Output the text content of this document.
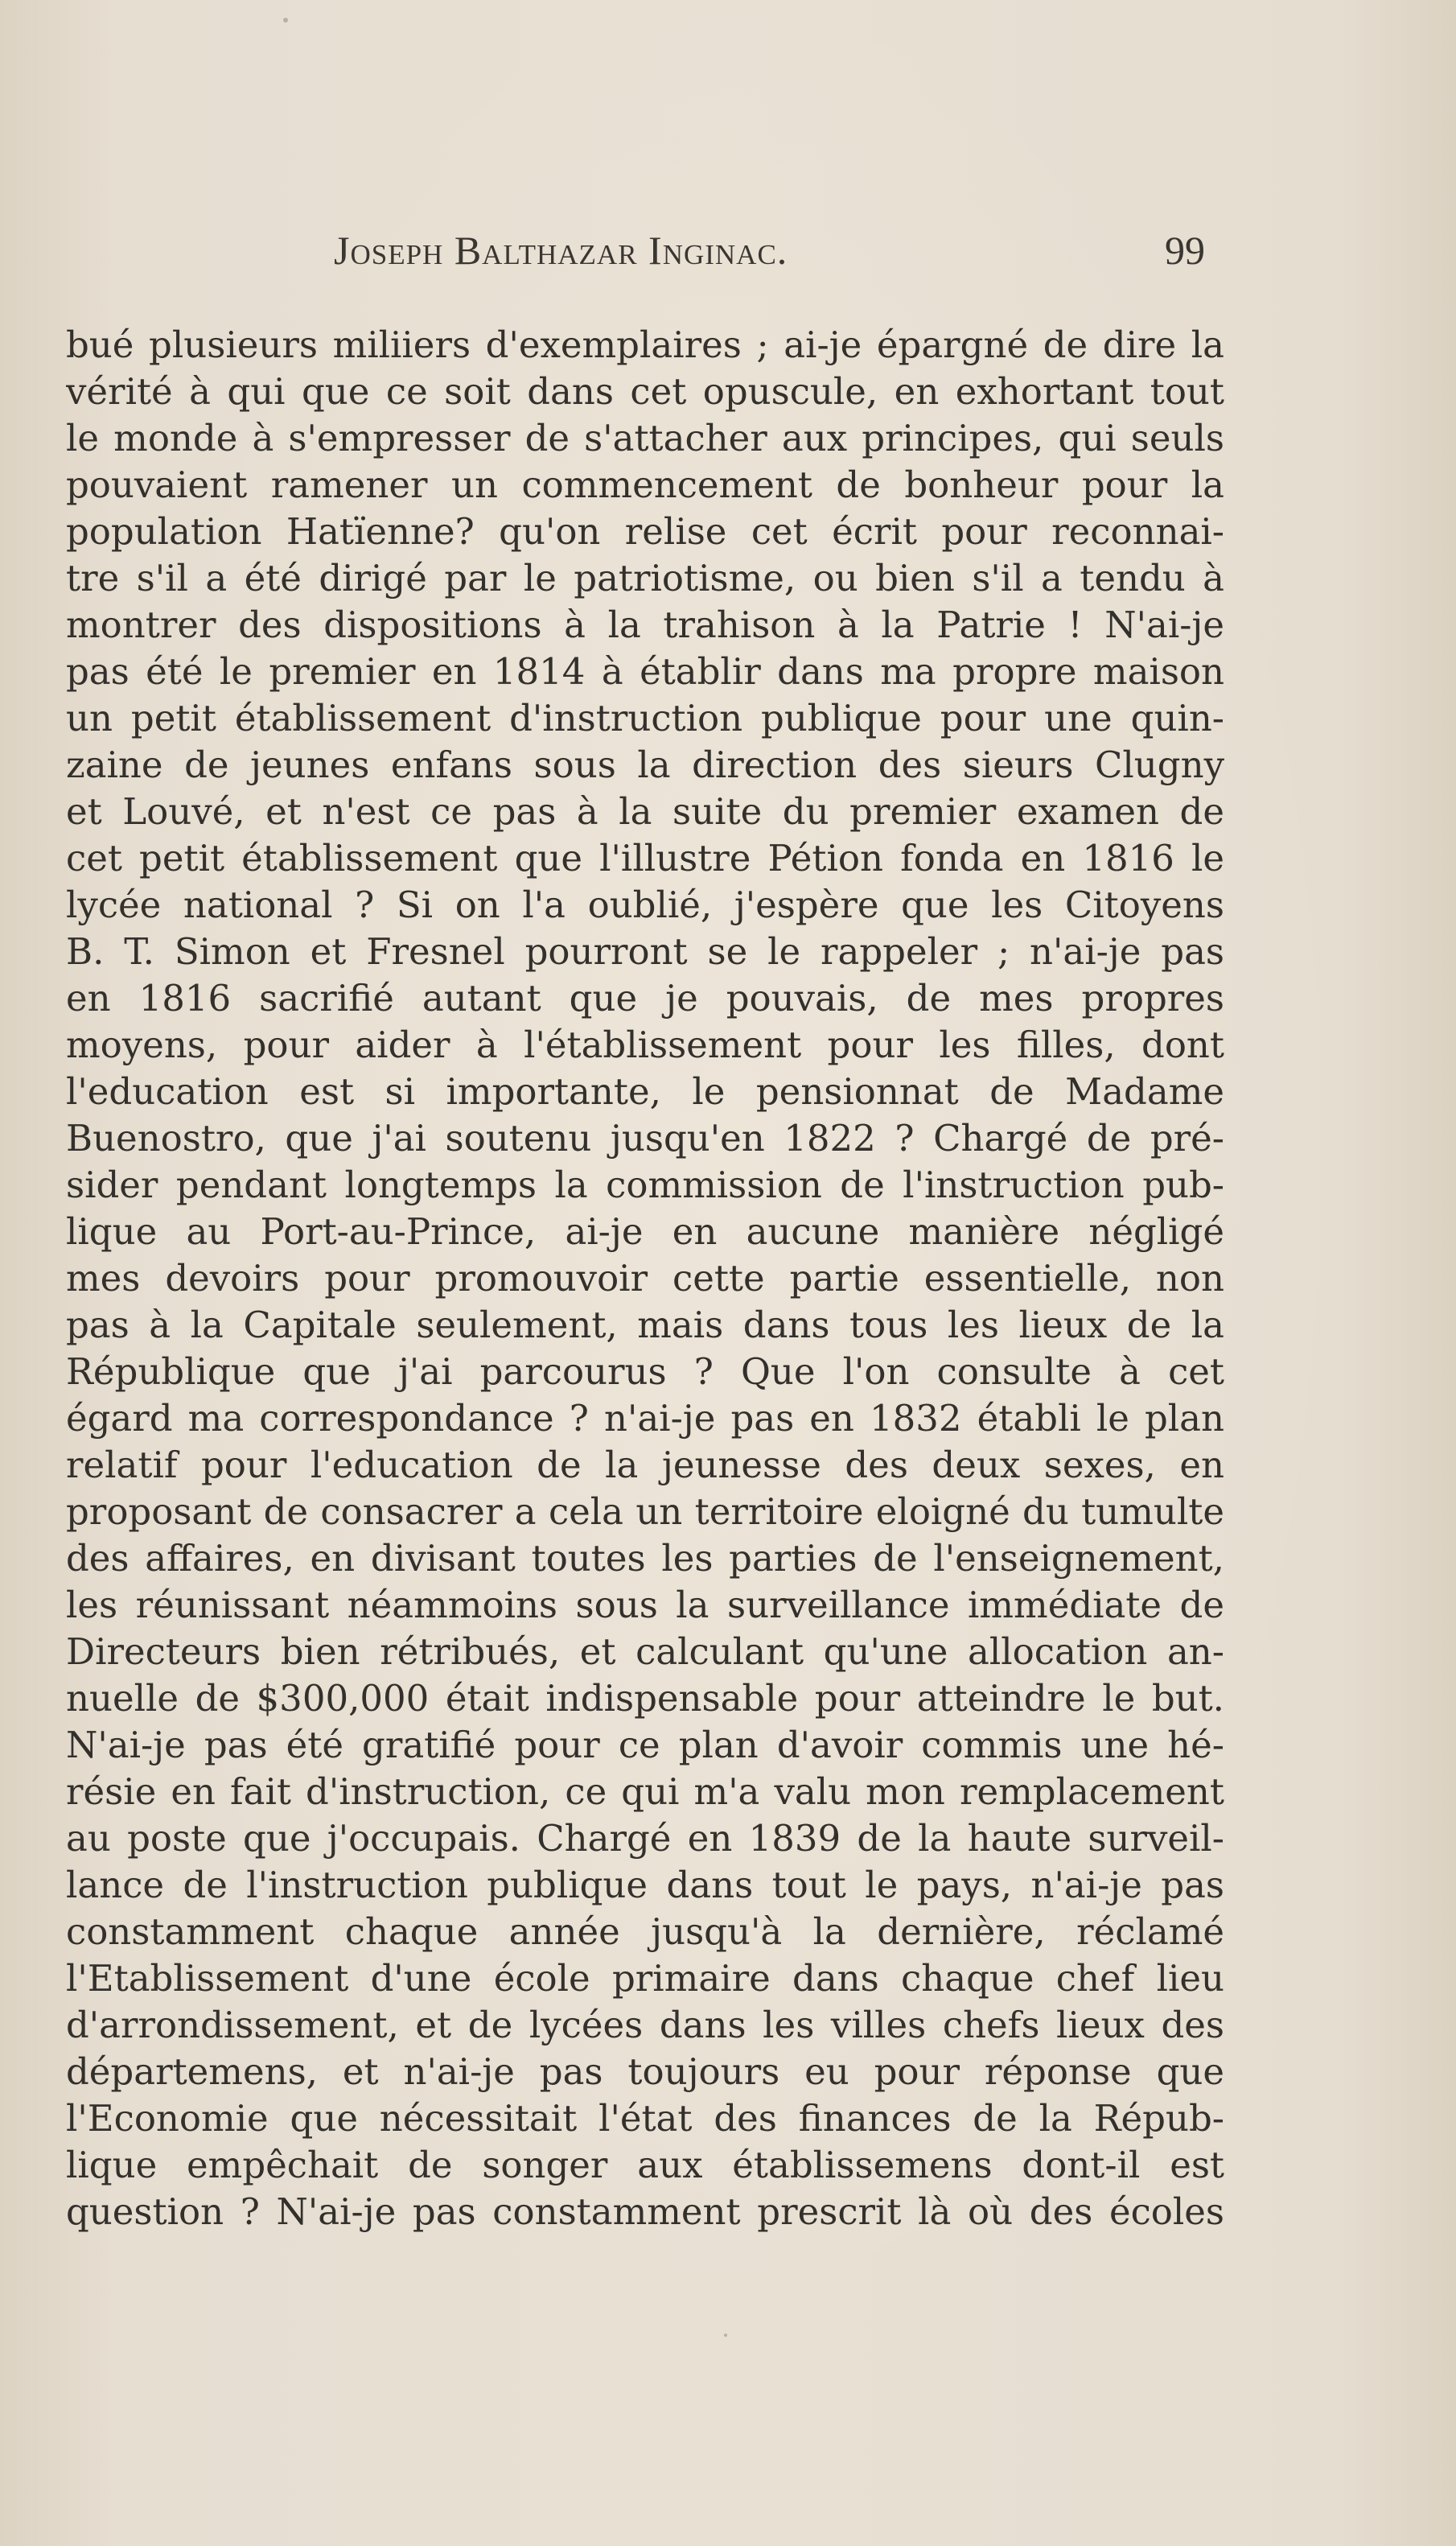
Joseph Balthazar Inginac.	99
bué plusieurs miliiers d'exemplaires ; ai-je épargné de dire la
vérité à qui que ce soit dans cet opuscule, en exhortant tout
le monde à s'empresser de s'attacher aux principes, qui seuls
pouvaient ramener un commencement de bonheur pour la
population Hatïenne? qu'on relise cet écrit pour reconnai-
tre s'il a été dirigé par le patriotisme, ou bien s'il a tendu à
montrer des dispositions à la trahison à la Patrie ! N'ai-je
pas été le premier en 1814 à établir dans ma propre maison
un petit établissement d'instruction publique pour une quin-
zaine de jeunes enfans sous la direction des sieurs Clugny
et Louvé, et n'est ce pas à la suite du premier examen de
cet petit établissement que l'illustre Pétion fonda en 1816 le
lycée national ? Si on l'a oublié, j'espère que les Citoyens
B. T. Simon et Fresnel pourront se le rappeler ; n'ai-je pas
en 1816 sacrifié autant que je pouvais, de mes propres
moyens, pour aider à l'établissement pour les filles, dont
l'education est si importante, le pensionnat de Madame
Buenostro, que j'ai soutenu jusqu'en 1822 ? Chargé de pré-
sider pendant longtemps la commission de l'instruction pub-
lique au Port-au-Prince, ai-je en aucune manière négligé
mes devoirs pour promouvoir cette partie essentielle, non
pas à la Capitale seulement, mais dans tous les lieux de la
République que j'ai parcourus ? Que l'on consulte à cet
égard ma correspondance ? n'ai-je pas en 1832 établi le plan
relatif pour l'education de la jeunesse des deux sexes, en
proposant de consacrer a cela un territoire eloigné du tumulte
des affaires, en divisant toutes les parties de l'enseignement,
les réunissant néammoins sous la surveillance immédiate de
Directeurs bien rétribués, et calculant qu'une allocation an-
nuelle de $300,000 était indispensable pour atteindre le but.
N'ai-je pas été gratifié pour ce plan d'avoir commis une hé-
résie en fait d'instruction, ce qui m'a valu mon remplacement
au poste que j'occupais. Chargé en 1839 de la haute surveil-
lance de l'instruction publique dans tout le pays, n'ai-je pas
constamment chaque année jusqu'à la dernière, réclamé
l'Etablissement d'une école primaire dans chaque chef lieu
d'arrondissement, et de lycées dans les villes chefs lieux des
départemens, et n'ai-je pas toujours eu pour réponse que
l'Economie que nécessitait l'état des finances de la Répub-
lique empêchait de songer aux établissemens dont-il est
question ? N'ai-je pas constamment prescrit là où des écoles
